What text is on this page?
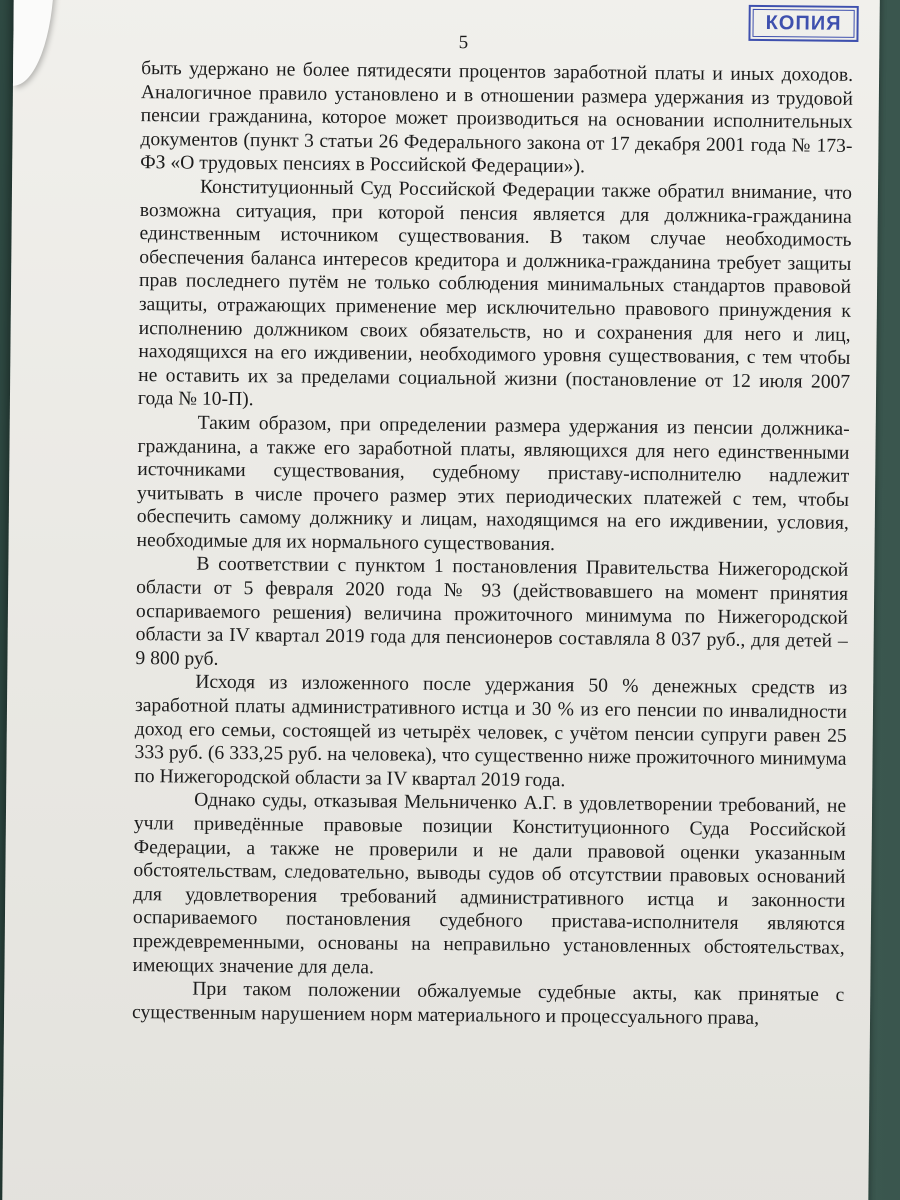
КОПИЯ
5

быть удержано не более пятидесяти процентов заработной платы и иных доходов. Аналогичное правило установлено и в отношении размера удержания из трудовой пенсии гражданина, которое может производиться на основании исполнительных документов (пункт 3 статьи 26 Федерального закона от 17 декабря 2001 года № 173-ФЗ «О трудовых пенсиях в Российской Федерации»).

Конституционный Суд Российской Федерации также обратил внимание, что возможна ситуация, при которой пенсия является для должника-гражданина единственным источником существования. В таком случае необходимость обеспечения баланса интересов кредитора и должника-гражданина требует защиты прав последнего путём не только соблюдения минимальных стандартов правовой защиты, отражающих применение мер исключительно правового принуждения к исполнению должником своих обязательств, но и сохранения для него и лиц, находящихся на его иждивении, необходимого уровня существования, с тем чтобы не оставить их за пределами социальной жизни (постановление от 12 июля 2007 года № 10-П).

Таким образом, при определении размера удержания из пенсии должника-гражданина, а также его заработной платы, являющихся для него единственными источниками существования, судебному приставу-исполнителю надлежит учитывать в числе прочего размер этих периодических платежей с тем, чтобы обеспечить самому должнику и лицам, находящимся на его иждивении, условия, необходимые для их нормального существования.

В соответствии с пунктом 1 постановления Правительства Нижегородской области от 5 февраля 2020 года № 93 (действовавшего на момент принятия оспариваемого решения) величина прожиточного минимума по Нижегородской области за IV квартал 2019 года для пенсионеров составляла 8 037 руб., для детей – 9 800 руб.

Исходя из изложенного после удержания 50 % денежных средств из заработной платы административного истца и 30 % из его пенсии по инвалидности доход его семьи, состоящей из четырёх человек, с учётом пенсии супруги равен 25 333 руб. (6 333,25 руб. на человека), что существенно ниже прожиточного минимума по Нижегородской области за IV квартал 2019 года.

Однако суды, отказывая Мельниченко А.Г. в удовлетворении требований, не учли приведённые правовые позиции Конституционного Суда Российской Федерации, а также не проверили и не дали правовой оценки указанным обстоятельствам, следовательно, выводы судов об отсутствии правовых оснований для удовлетворения требований административного истца и законности оспариваемого постановления судебного пристава-исполнителя являются преждевременными, основаны на неправильно установленных обстоятельствах, имеющих значение для дела.

При таком положении обжалуемые судебные акты, как принятые с существенным нарушением норм материального и процессуального права,
